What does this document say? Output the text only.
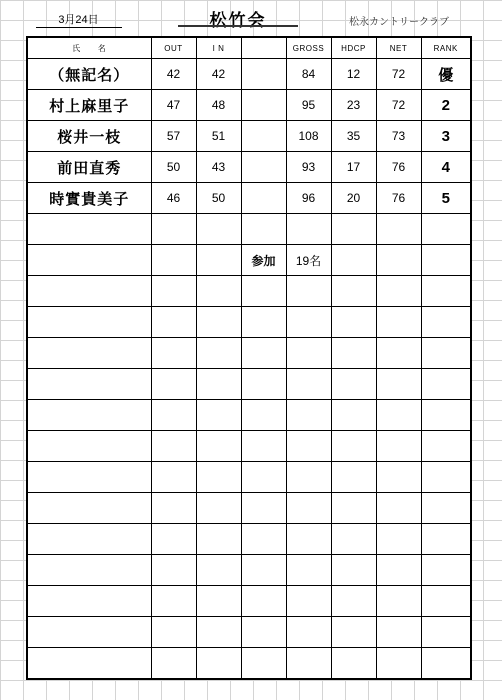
3月24日	松竹会	松永カントリークラブ
氏　　名	OUT	I N		GROSS	HDCP	NET	RANK
（無記名）	42	42		84	12	72	優
村上麻里子	47	48		95	23	72	2
桜井一枝	57	51		108	35	73	3
前田直秀	50	43		93	17	76	4
時實貴美子	46	50		96	20	76	5

			参加	19名			
